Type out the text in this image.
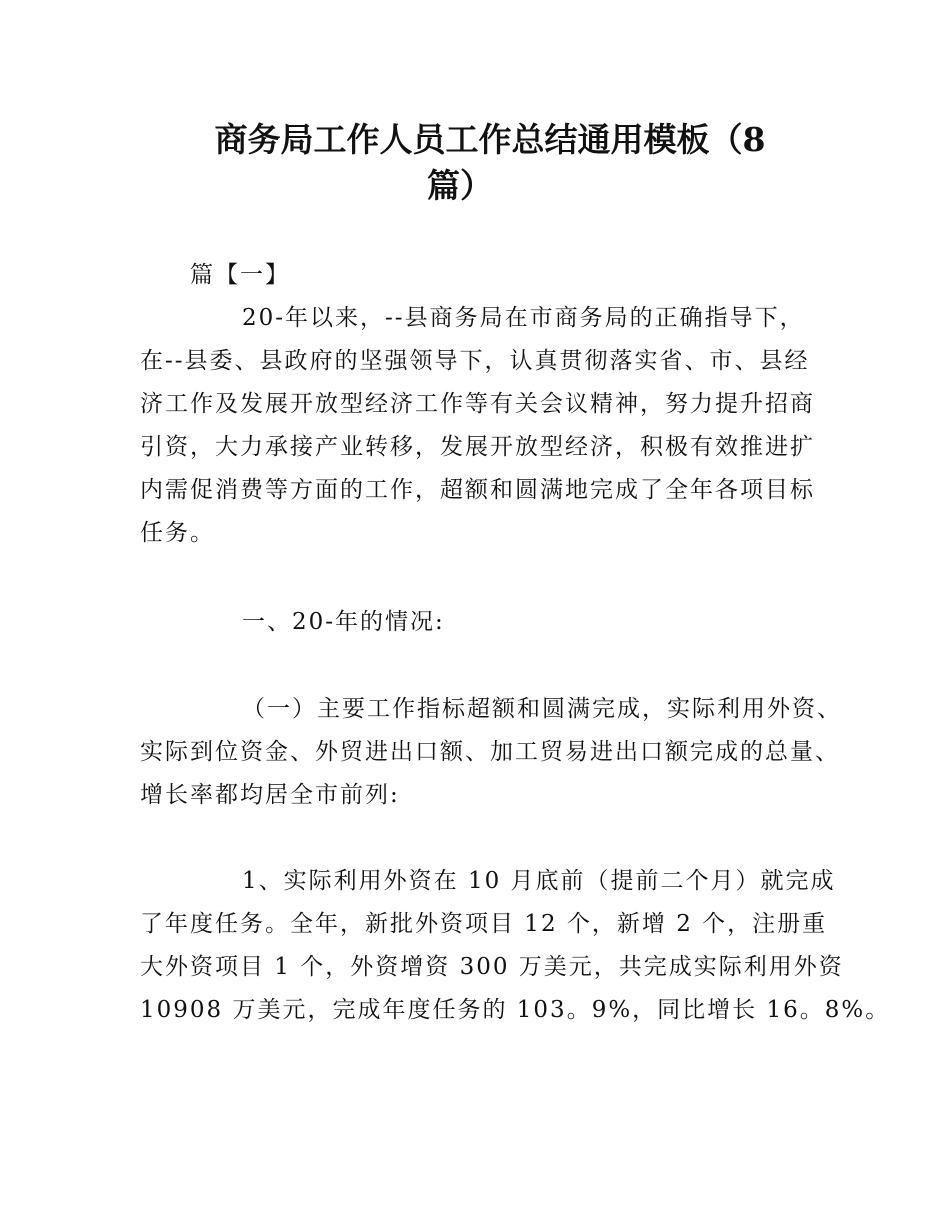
商务局工作人员工作总结通用模板（8
篇）

篇【一】

20-年以来，--县商务局在市商务局的正确指导下，

在--县委、县政府的坚强领导下，认真贯彻落实省、市、县经

济工作及发展开放型经济工作等有关会议精神，努力提升招商

引资，大力承接产业转移，发展开放型经济，积极有效推进扩

内需促消费等方面的工作，超额和圆满地完成了全年各项目标

任务。

一、20-年的情况:

（一）主要工作指标超额和圆满完成，实际利用外资、

实际到位资金、外贸进出口额、加工贸易进出口额完成的总量、

增长率都均居全市前列:

1、实际利用外资在 10 月底前（提前二个月）就完成

了年度任务。全年，新批外资项目 12 个，新增 2 个，注册重

大外资项目 1 个，外资增资 300 万美元，共完成实际利用外资

10908 万美元，完成年度任务的 103。9%，同比增长 16。8%。
